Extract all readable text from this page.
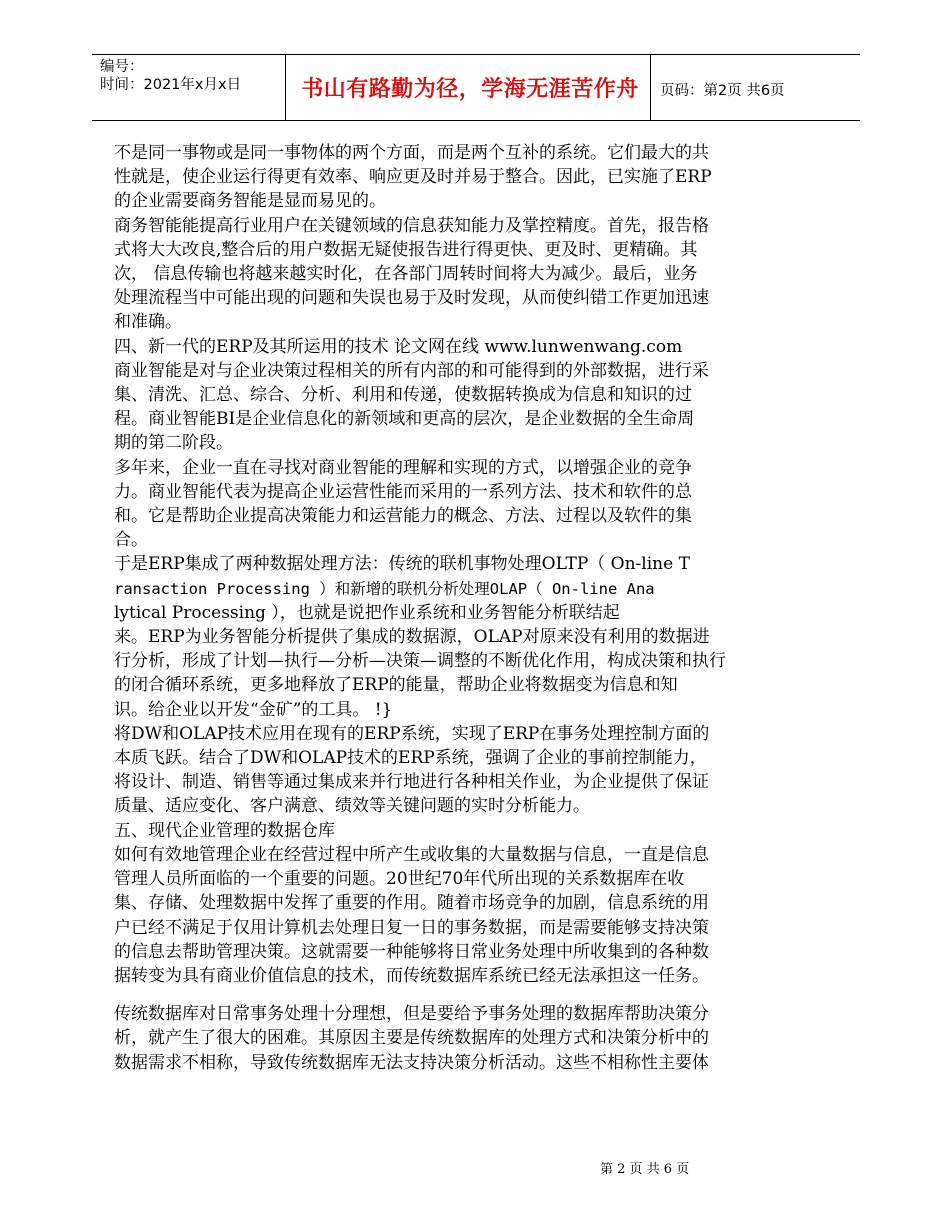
编号：
时间：2021年x月x日	书山有路勤为径，学海无涯苦作舟	页码：第2页 共6页

不是同一事物或是同一事物体的两个方面，而是两个互补的系统。它们最大的共

性就是，使企业运行得更有效率、响应更及时并易于整合。因此，已实施了ERP

的企业需要商务智能是显而易见的。

商务智能能提高行业用户在关键领域的信息获知能力及掌控精度。首先，报告格

式将大大改良,整合后的用户数据无疑使报告进行得更快、更及时、更精确。其

次， 信息传输也将越来越实时化，在各部门周转时间将大为减少。最后，业务

处理流程当中可能出现的问题和失误也易于及时发现，从而使纠错工作更加迅速

和准确。

四、新一代的ERP及其所运用的技术 论文网在线 www.lunwenwang.com

商业智能是对与企业决策过程相关的所有内部的和可能得到的外部数据，进行采

集、清洗、汇总、综合、分析、利用和传递，使数据转换成为信息和知识的过

程。商业智能BI是企业信息化的新领域和更高的层次，是企业数据的全生命周

期的第二阶段。

多年来，企业一直在寻找对商业智能的理解和实现的方式，以增强企业的竞争

力。商业智能代表为提高企业运营性能而采用的一系列方法、技术和软件的总

和。它是帮助企业提高决策能力和运营能力的概念、方法、过程以及软件的集

合。

于是ERP集成了两种数据处理方法：传统的联机事物处理OLTP（ On-line T

ransaction Processing ）和新增的联机分析处理OLAP（ On-line Ana

lytical Processing ），也就是说把作业系统和业务智能分析联结起

来。ERP为业务智能分析提供了集成的数据源，OLAP对原来没有利用的数据进

行分析，形成了计划—执行—分析—决策—调整的不断优化作用，构成决策和执行

的闭合循环系统，更多地释放了ERP的能量，帮助企业将数据变为信息和知

识。给企业以开发“金矿”的工具。 !}

将DW和OLAP技术应用在现有的ERP系统，实现了ERP在事务处理控制方面的

本质飞跃。结合了DW和OLAP技术的ERP系统，强调了企业的事前控制能力，

将设计、制造、销售等通过集成来并行地进行各种相关作业，为企业提供了保证

质量、适应变化、客户满意、绩效等关键问题的实时分析能力。

五、现代企业管理的数据仓库

如何有效地管理企业在经营过程中所产生或收集的大量数据与信息，一直是信息

管理人员所面临的一个重要的问题。20世纪70年代所出现的关系数据库在收

集、存储、处理数据中发挥了重要的作用。随着市场竞争的加剧，信息系统的用

户已经不满足于仅用计算机去处理日复一日的事务数据，而是需要能够支持决策

的信息去帮助管理决策。这就需要一种能够将日常业务处理中所收集到的各种数

据转变为具有商业价值信息的技术，而传统数据库系统已经无法承担这一任务。

传统数据库对日常事务处理十分理想，但是要给予事务处理的数据库帮助决策分

析，就产生了很大的困难。其原因主要是传统数据库的处理方式和决策分析中的

数据需求不相称，导致传统数据库无法支持决策分析活动。这些不相称性主要体

第 2 页 共 6 页
